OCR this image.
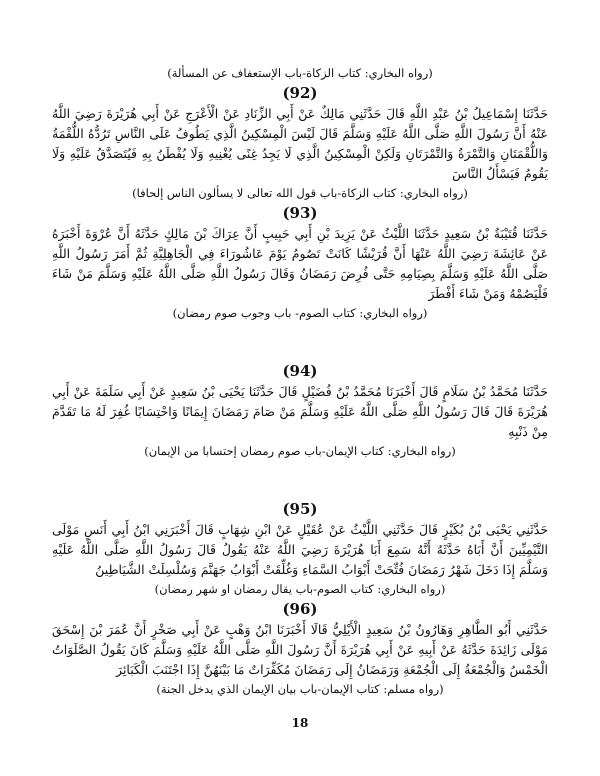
(رواه البخاري: كتاب الزكاة-باب الإستعفاف عن المسألة)

(92)

حَدَّثَنَا إِسْمَاعِيلُ بْنُ عَبْدِ اللَّهِ قَالَ حَدَّثَنِي مَالِكٌ عَنْ أَبِي الزِّنَادِ عَنْ الْأَعْرَجِ عَنْ أَبِي هُرَيْرَةَ رَضِيَ اللَّهُ عَنْهُ أَنَّ رَسُولَ اللَّهِ صَلَّى اللَّهُ عَلَيْهِ وَسَلَّمَ قَالَ لَيْسَ الْمِسْكِينُ الَّذِي يَطُوفُ عَلَى النَّاسِ تَرُدُّهُ اللُّقْمَةُ وَاللُّقْمَتَانِ وَالتَّمْرَةُ وَالتَّمْرَتَانِ وَلَكِنْ الْمِسْكِينُ الَّذِي لَا يَجِدُ غِنًى يُغْنِيهِ وَلَا يُفْطَنُ بِهِ فَيُتَصَدَّقُ عَلَيْهِ وَلَا يَقُومُ فَيَسْأَلُ النَّاسَ

(رواه البخاري: كتاب الزكاة-باب قول الله تعالى لا يسألون الناس إلحافا)

(93)

حَدَّثَنَا قُتَيْبَةُ بْنُ سَعِيدٍ حَدَّثَنَا اللَّيْثُ عَنْ يَزِيدَ بْنِ أَبِي حَبِيبٍ أَنَّ عِرَاكَ بْنَ مَالِكٍ حَدَّثَهُ أَنَّ عُرْوَةَ أَخْبَرَهُ عَنْ عَائِشَةَ رَضِيَ اللَّهُ عَنْهَا أَنَّ قُرَيْشًا كَانَتْ تَصُومُ يَوْمَ عَاشُورَاءَ فِي الْجَاهِلِيَّةِ ثُمَّ أَمَرَ رَسُولُ اللَّهِ صَلَّى اللَّهُ عَلَيْهِ وَسَلَّمَ بِصِيَامِهِ حَتَّى فُرِضَ رَمَضَانُ وَقَالَ رَسُولُ اللَّهِ صَلَّى اللَّهُ عَلَيْهِ وَسَلَّمَ مَنْ شَاءَ فَلْيَصُمْهُ وَمَنْ شَاءَ أَفْطَرَ

(رواه البخاري: كتاب الصوم- باب وجوب صوم رمضان)

(94)

حَدَّثَنَا مُحَمَّدُ بْنُ سَلَامٍ قَالَ أَخْبَرَنَا مُحَمَّدُ بْنُ فُضَيْلٍ قَالَ حَدَّثَنَا يَحْيَى بْنُ سَعِيدٍ عَنْ أَبِي سَلَمَةَ عَنْ أَبِي هُرَيْرَةَ قَالَ قَالَ رَسُولُ اللَّهِ صَلَّى اللَّهُ عَلَيْهِ وَسَلَّمَ مَنْ صَامَ رَمَضَانَ إِيمَانًا وَاحْتِسَابًا غُفِرَ لَهُ مَا تَقَدَّمَ مِنْ ذَنْبِهِ

(رواه البخاري: كتاب الإيمان-باب صوم رمضان إحتسابا من الإيمان)

(95)

حَدَّثَنِي يَحْيَى بْنُ بُكَيْرٍ قَالَ حَدَّثَنِي اللَّيْثُ عَنْ عُقَيْلٍ عَنْ ابْنِ شِهَابٍ قَالَ أَخْبَرَنِي ابْنُ أَبِي أَنَسٍ مَوْلَى التَّيْمِيِّينَ أَنَّ أَبَاهُ حَدَّثَهُ أَنَّهُ سَمِعَ أَبَا هُرَيْرَةَ رَضِيَ اللَّهُ عَنْهُ يَقُولُ قَالَ رَسُولُ اللَّهِ صَلَّى اللَّهُ عَلَيْهِ وَسَلَّمَ إِذَا دَخَلَ شَهْرُ رَمَضَانَ فُتِّحَتْ أَبْوَابُ السَّمَاءِ وَغُلِّقَتْ أَبْوَابُ جَهَنَّمَ وَسُلْسِلَتْ الشَّيَاطِينُ

(رواه البخاري: كتاب الصوم-باب يقال رمضان او شهر رمضان)

(96)

حَدَّثَنِي أَبُو الطَّاهِرِ وَهَارُونُ بْنُ سَعِيدٍ الْأَيْلِيُّ قَالَا أَخْبَرَنَا ابْنُ وَهْبٍ عَنْ أَبِي صَخْرٍ أَنَّ عُمَرَ بْنَ إِسْحَقَ مَوْلَى زَائِدَةَ حَدَّثَهُ عَنْ أَبِيهِ عَنْ أَبِي هُرَيْرَةَ أَنَّ رَسُولَ اللَّهِ صَلَّى اللَّهُ عَلَيْهِ وَسَلَّمَ كَانَ يَقُولُ الصَّلَوَاتُ الْخَمْسُ وَالْجُمْعَةُ إِلَى الْجُمْعَةِ وَرَمَضَانُ إِلَى رَمَضَانَ مُكَفِّرَاتٌ مَا بَيْنَهُنَّ إِذَا اجْتَنَبَ الْكَبَائِرَ

(رواه مسلم: كتاب الإيمان-باب بيان الإيمان الذي يدخل الجنة)

18
